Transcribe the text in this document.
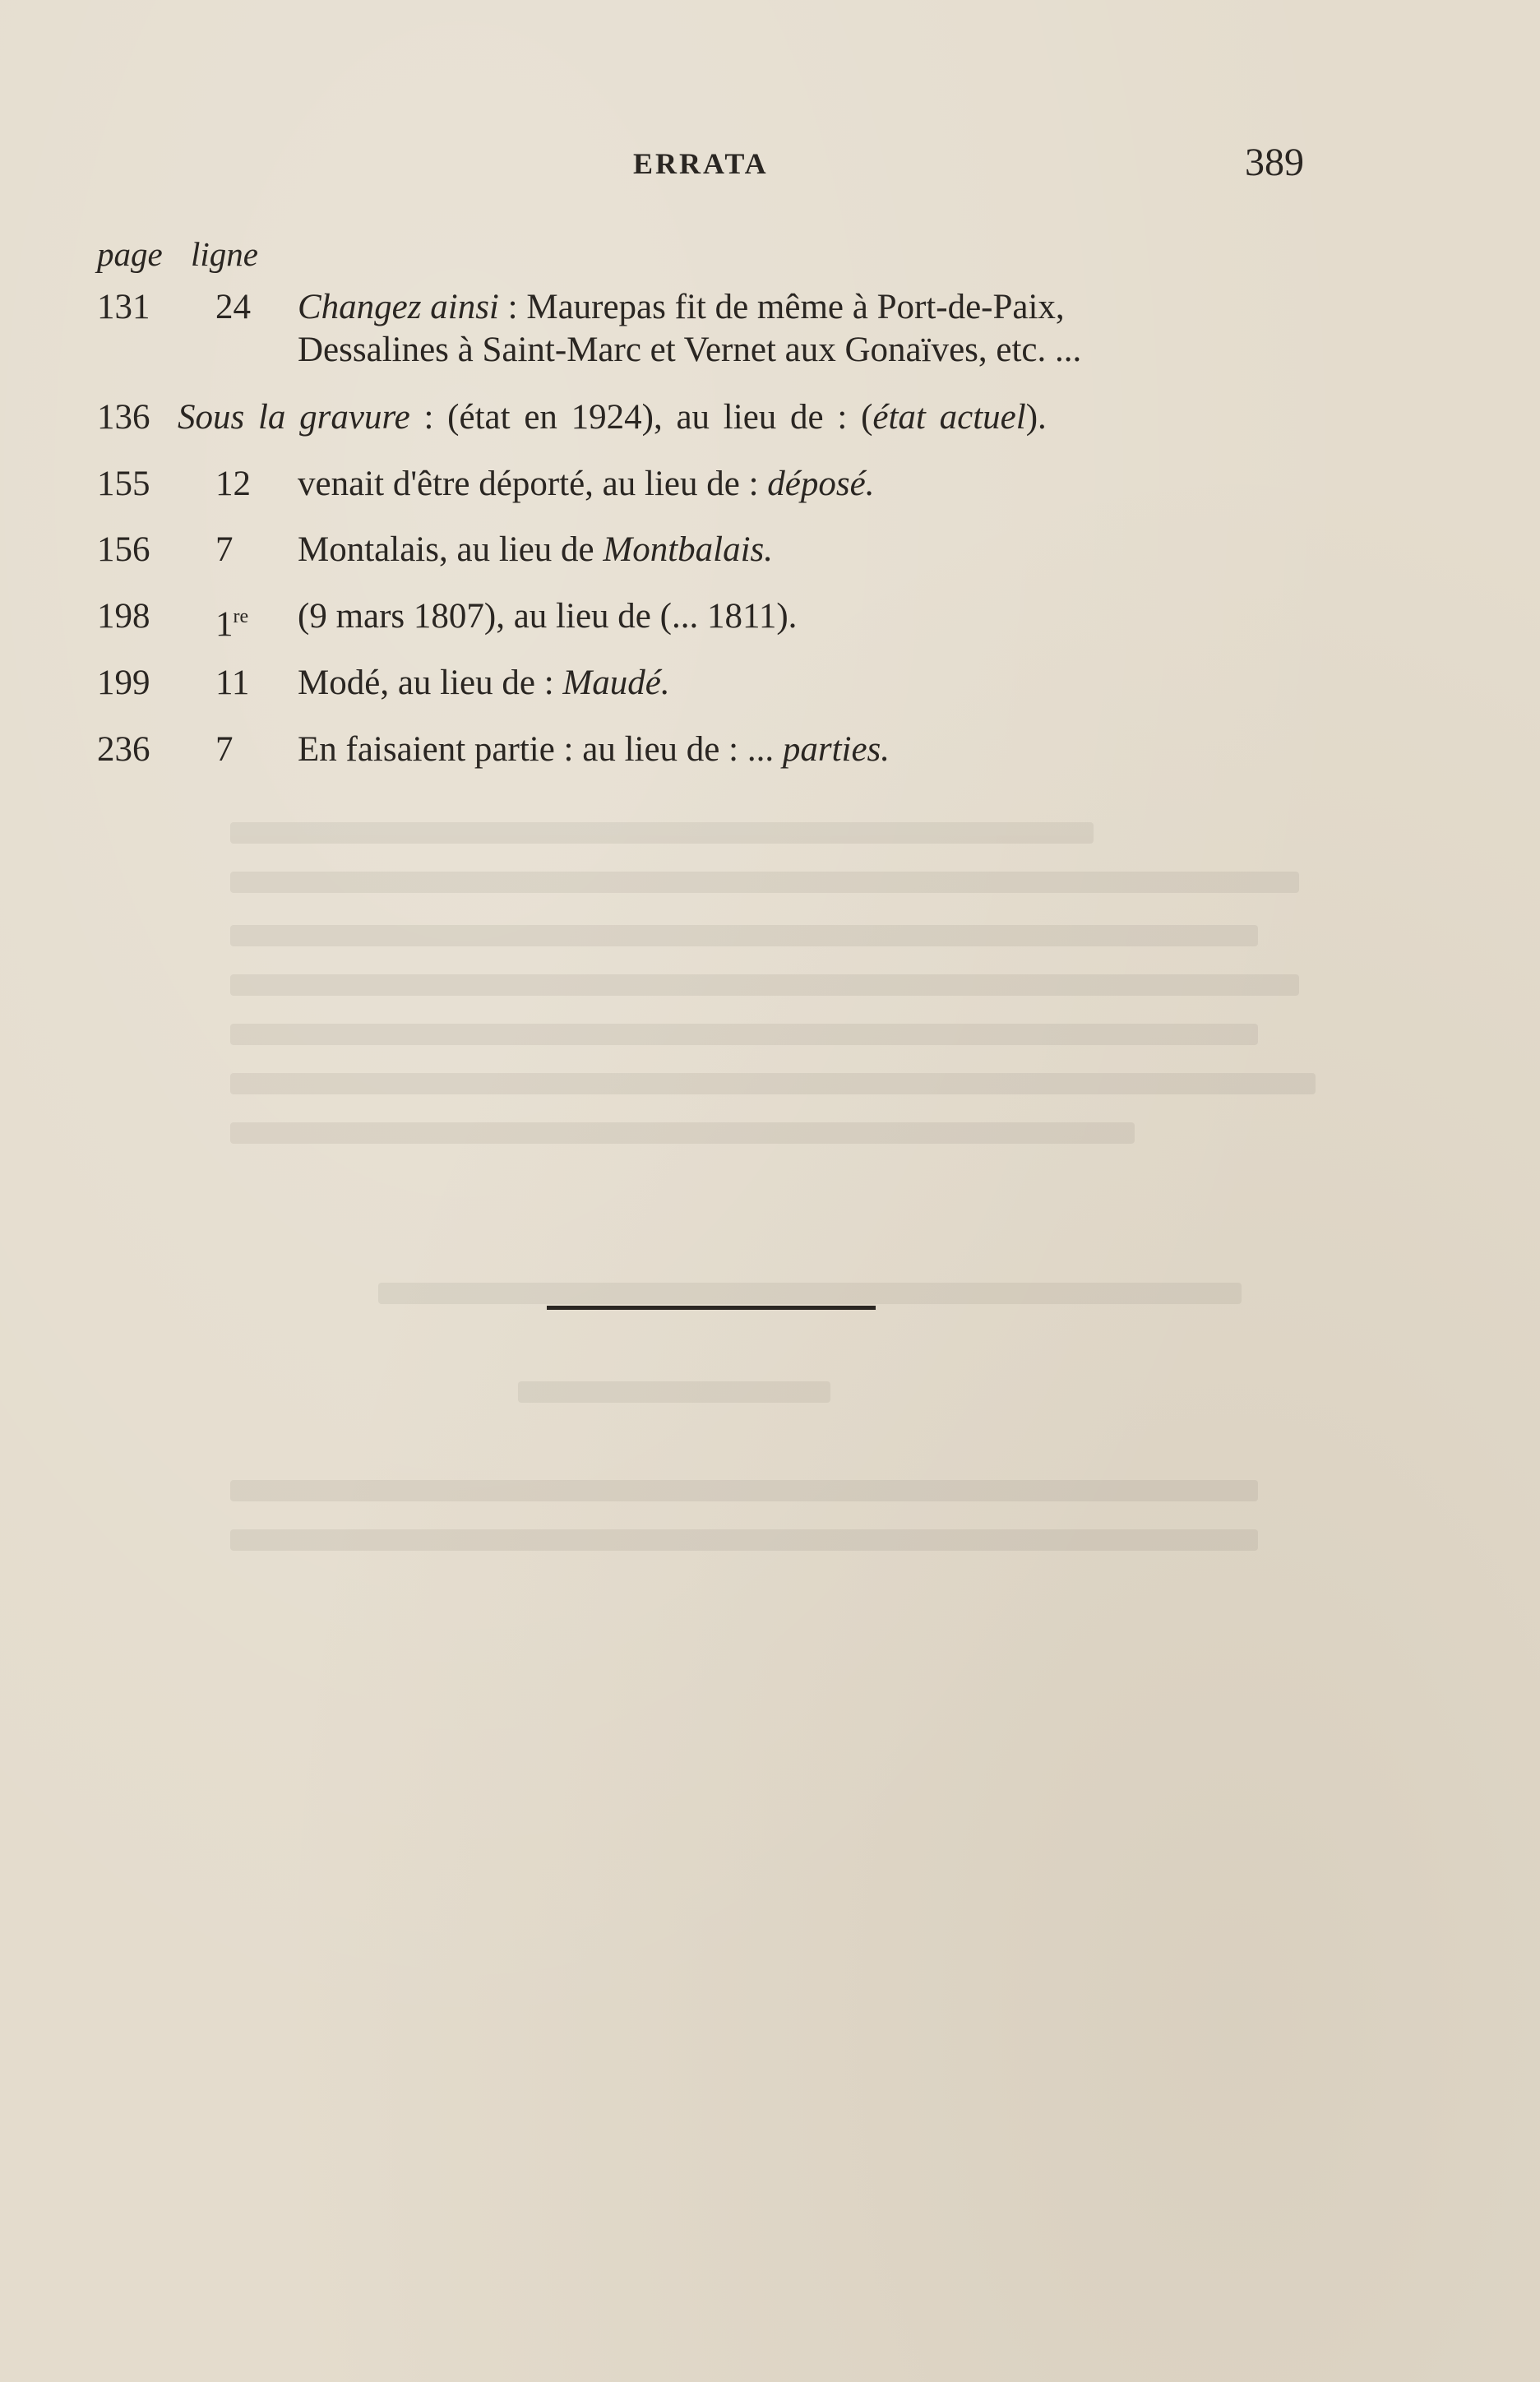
ERRATA	389
page ligne
131 24 Changez ainsi : Maurepas fit de même à Port-de-Paix,
Dessalines à Saint-Marc et Vernet aux Gonaïves, etc. ...
136 Sous la gravure : (état en 1924), au lieu de : (état actuel).
155 12 venait d'être déporté, au lieu de : déposé.
156 7 Montalais, au lieu de Montbalais.
198 1re (9 mars 1807), au lieu de (... 1811).
199 11 Modé, au lieu de : Maudé.
236 7 En faisaient partie : au lieu de : ... parties.
